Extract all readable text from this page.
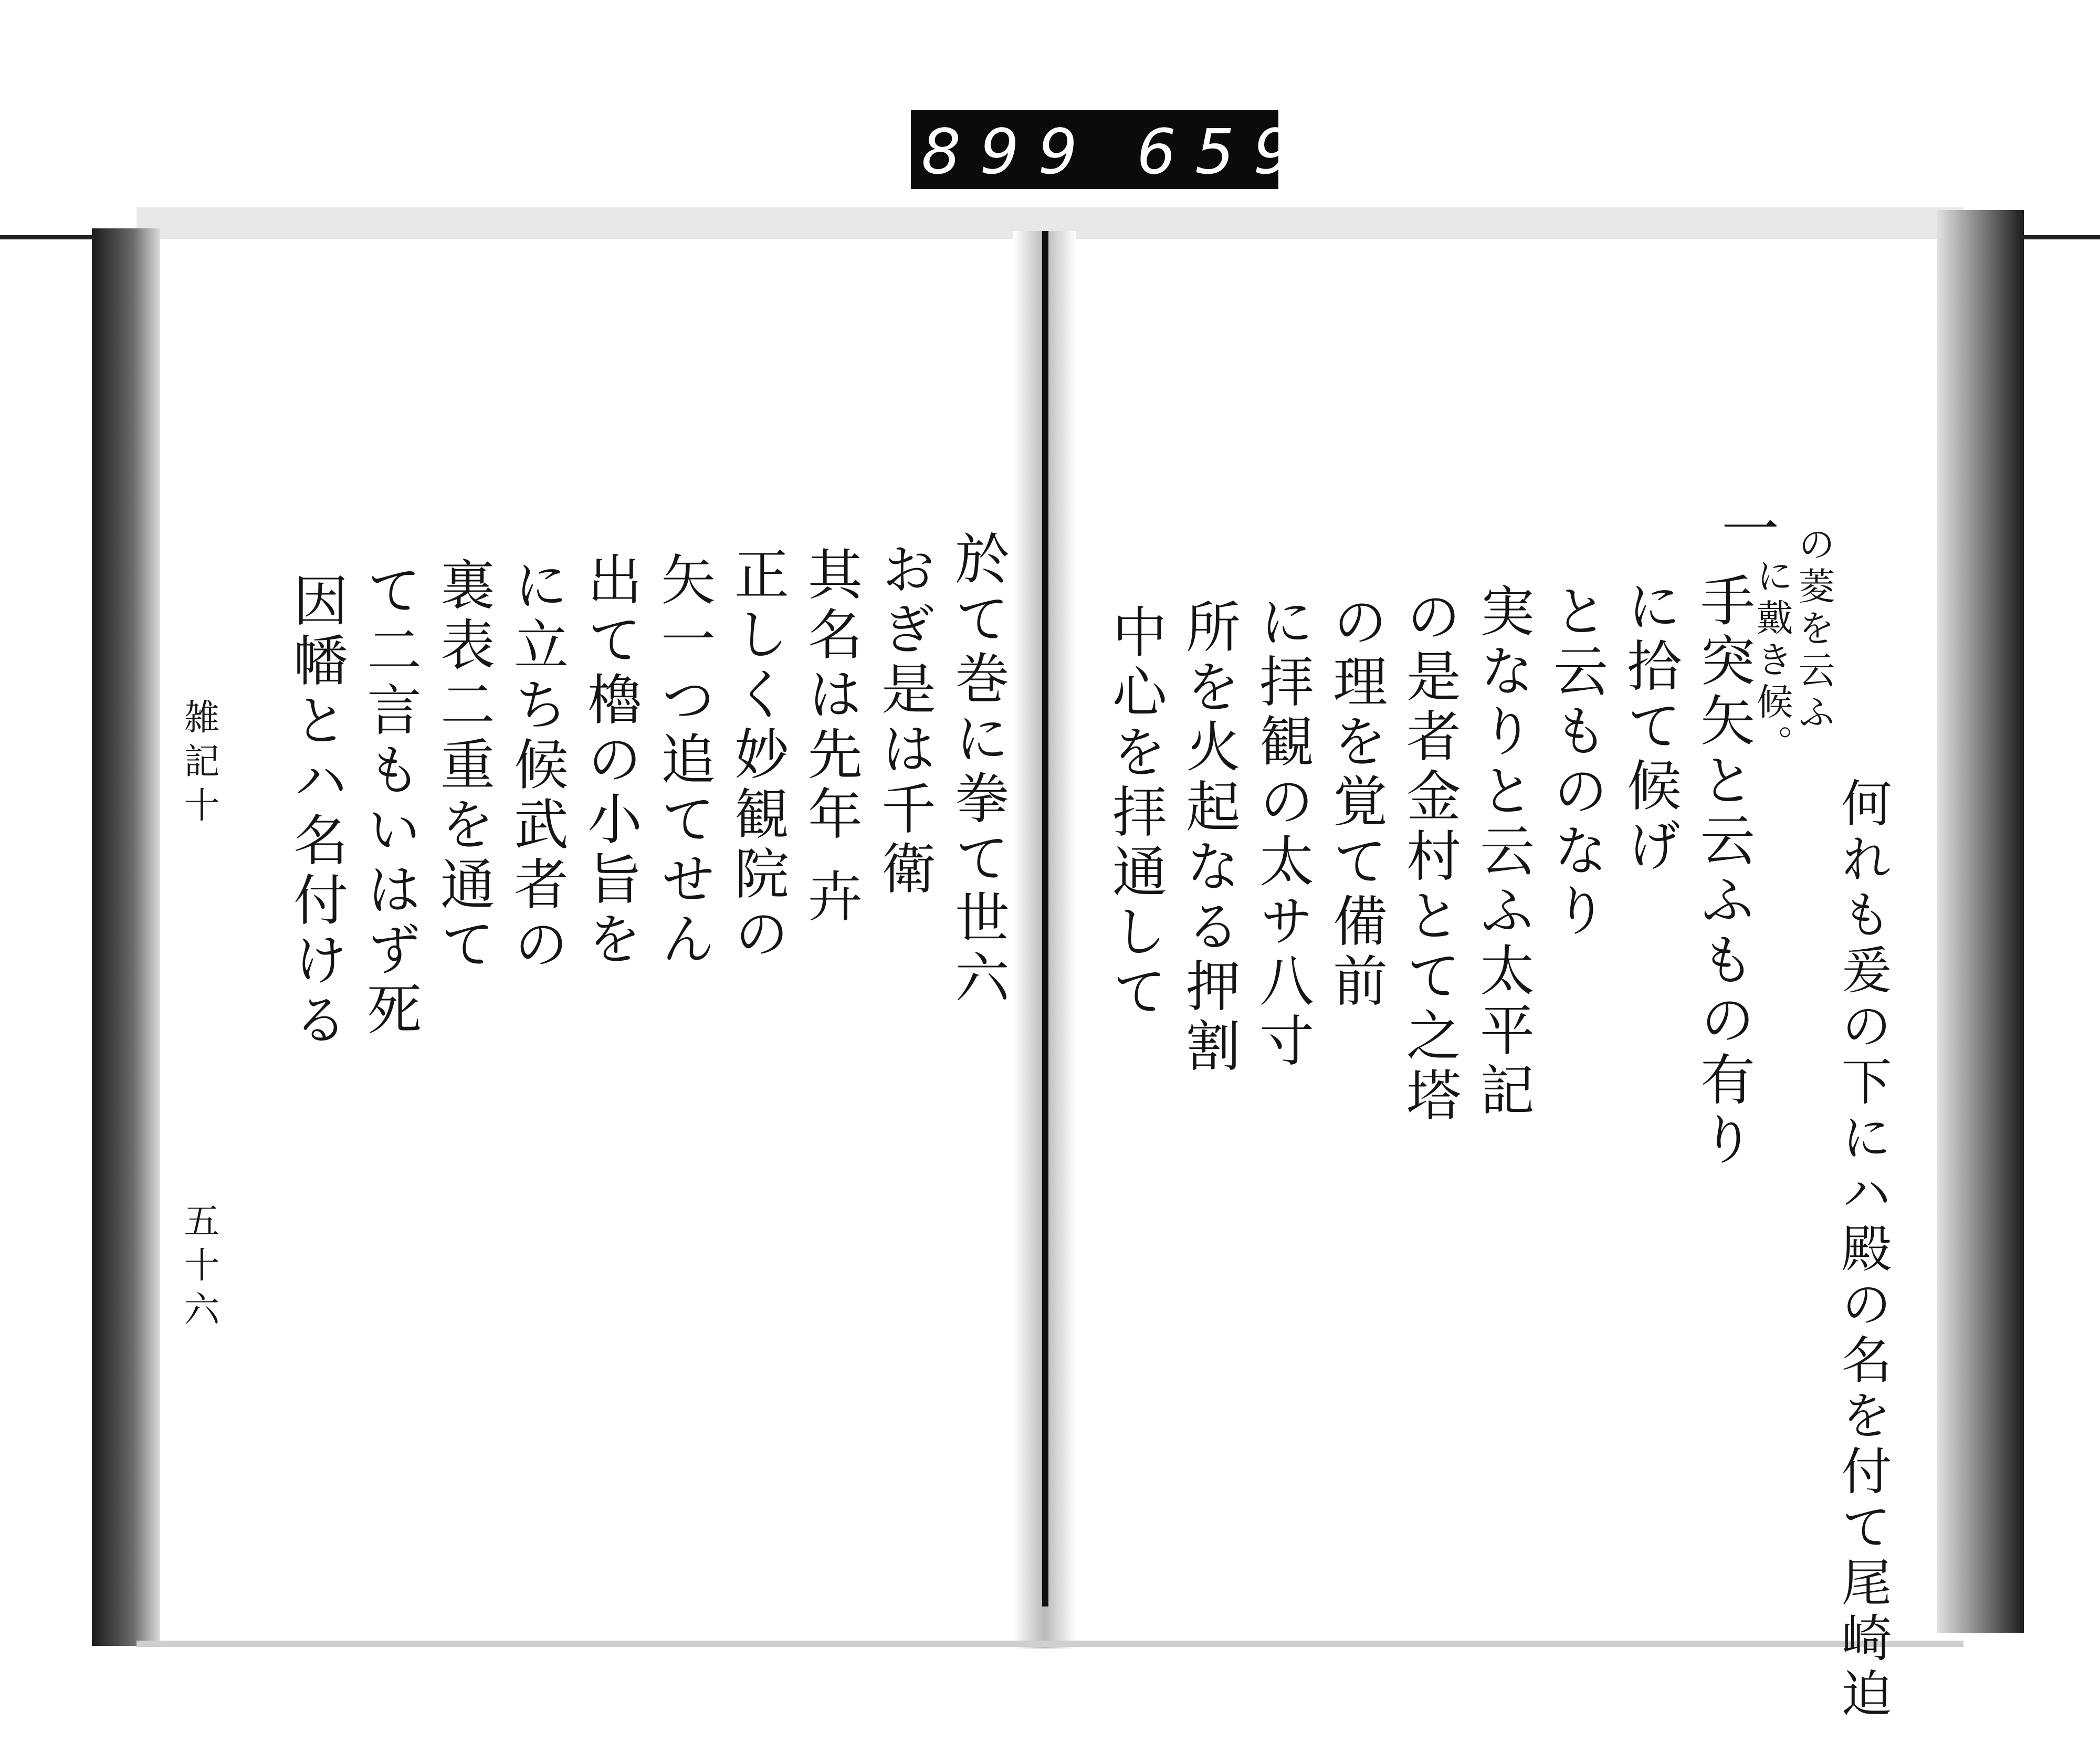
899 659.
一 の菱を云ふ
に戴き候。
何れも爰の下にハ殿の名を付て尾崎迫
手突矢と云ふもの有り
に拾て候げ
と云ものなり
実なりと云ふ太平記
の是者金村とて之塔
の理を覚て備前
に拝観の太サ八寸
所を火起なる押割
中心を拝通して
於て巻に拳て世六
おぎ是は千衛
其名は先年 卉
正しく妙観院の
矢一つ追てせん
出て櫓の小旨を
に立ち候武者の
裏表二重を通て
て二言もいはず死
因幡とハ名付ける
雑記十
五十六
